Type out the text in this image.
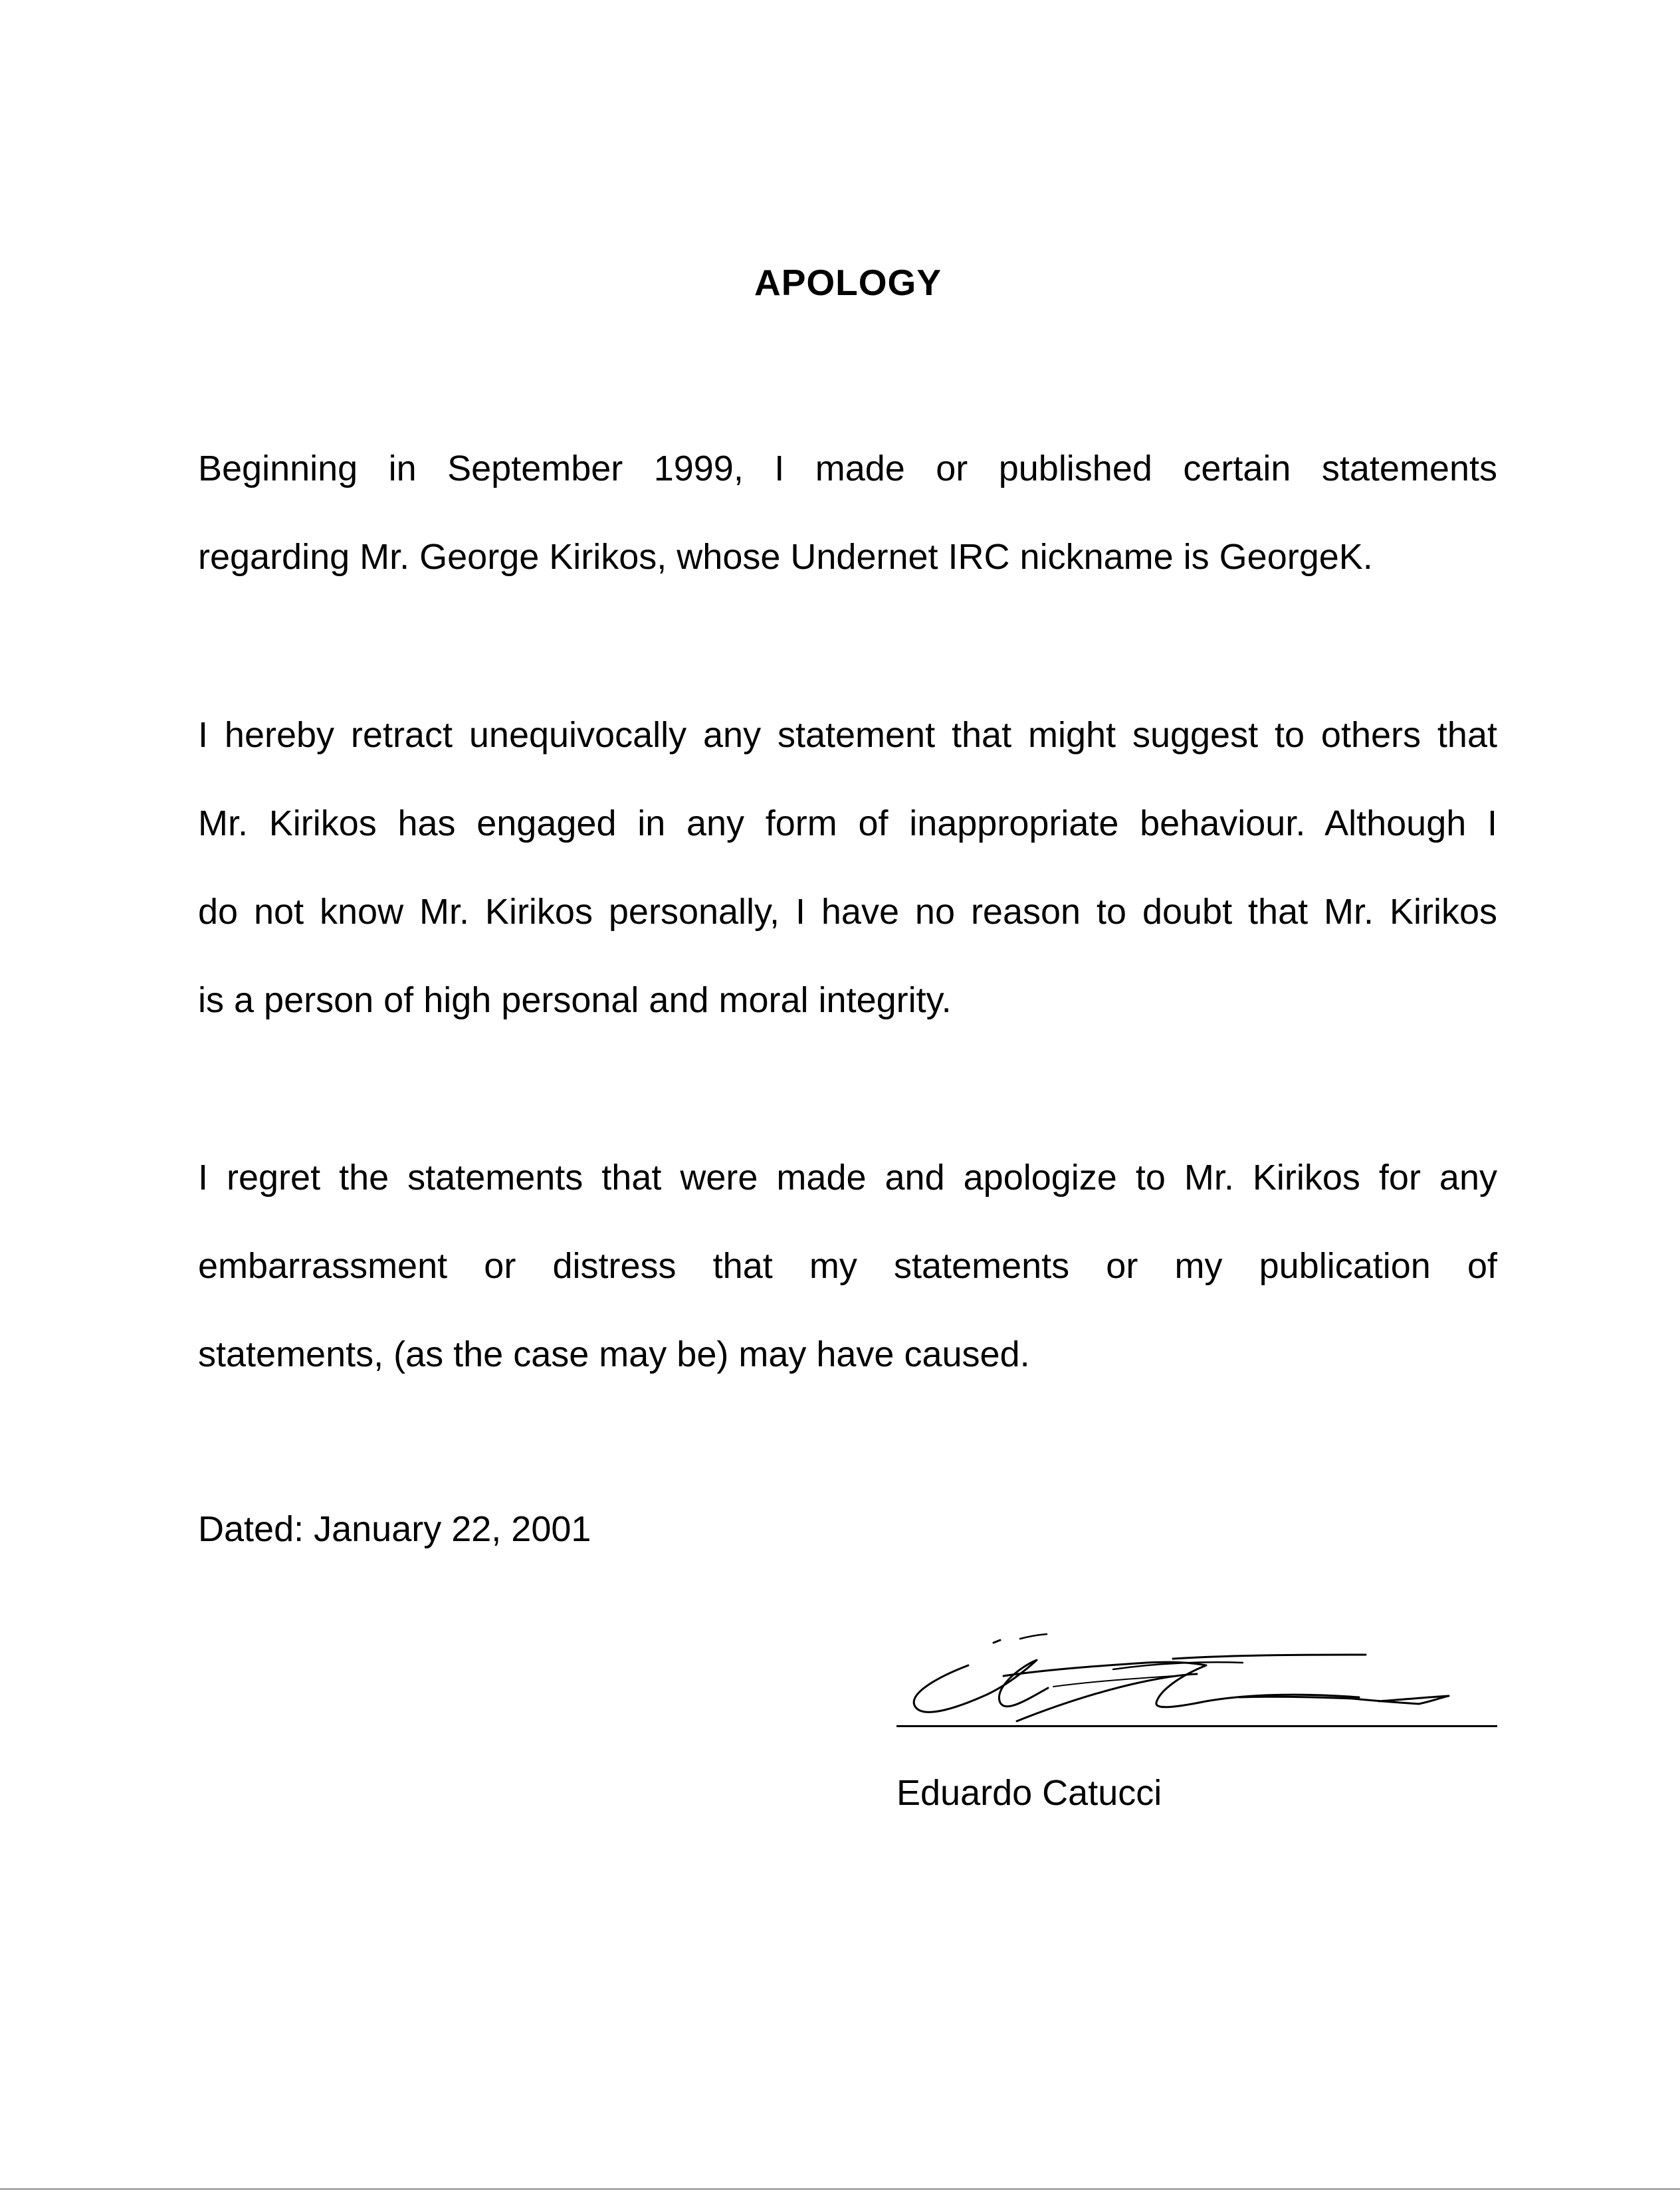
APOLOGY

Beginning in September 1999, I made or published certain statements
regarding Mr. George Kirikos, whose Undernet IRC nickname is GeorgeK.

I hereby retract unequivocally any statement that might suggest to others that
Mr. Kirikos has engaged in any form of inappropriate behaviour. Although I
do not know Mr. Kirikos personally, I have no reason to doubt that Mr. Kirikos
is a person of high personal and moral integrity.

I regret the statements that were made and apologize to Mr. Kirikos for any
embarrassment or distress that my statements or my publication of
statements, (as the case may be) may have caused.

Dated: January 22, 2001

Eduardo Catucci
